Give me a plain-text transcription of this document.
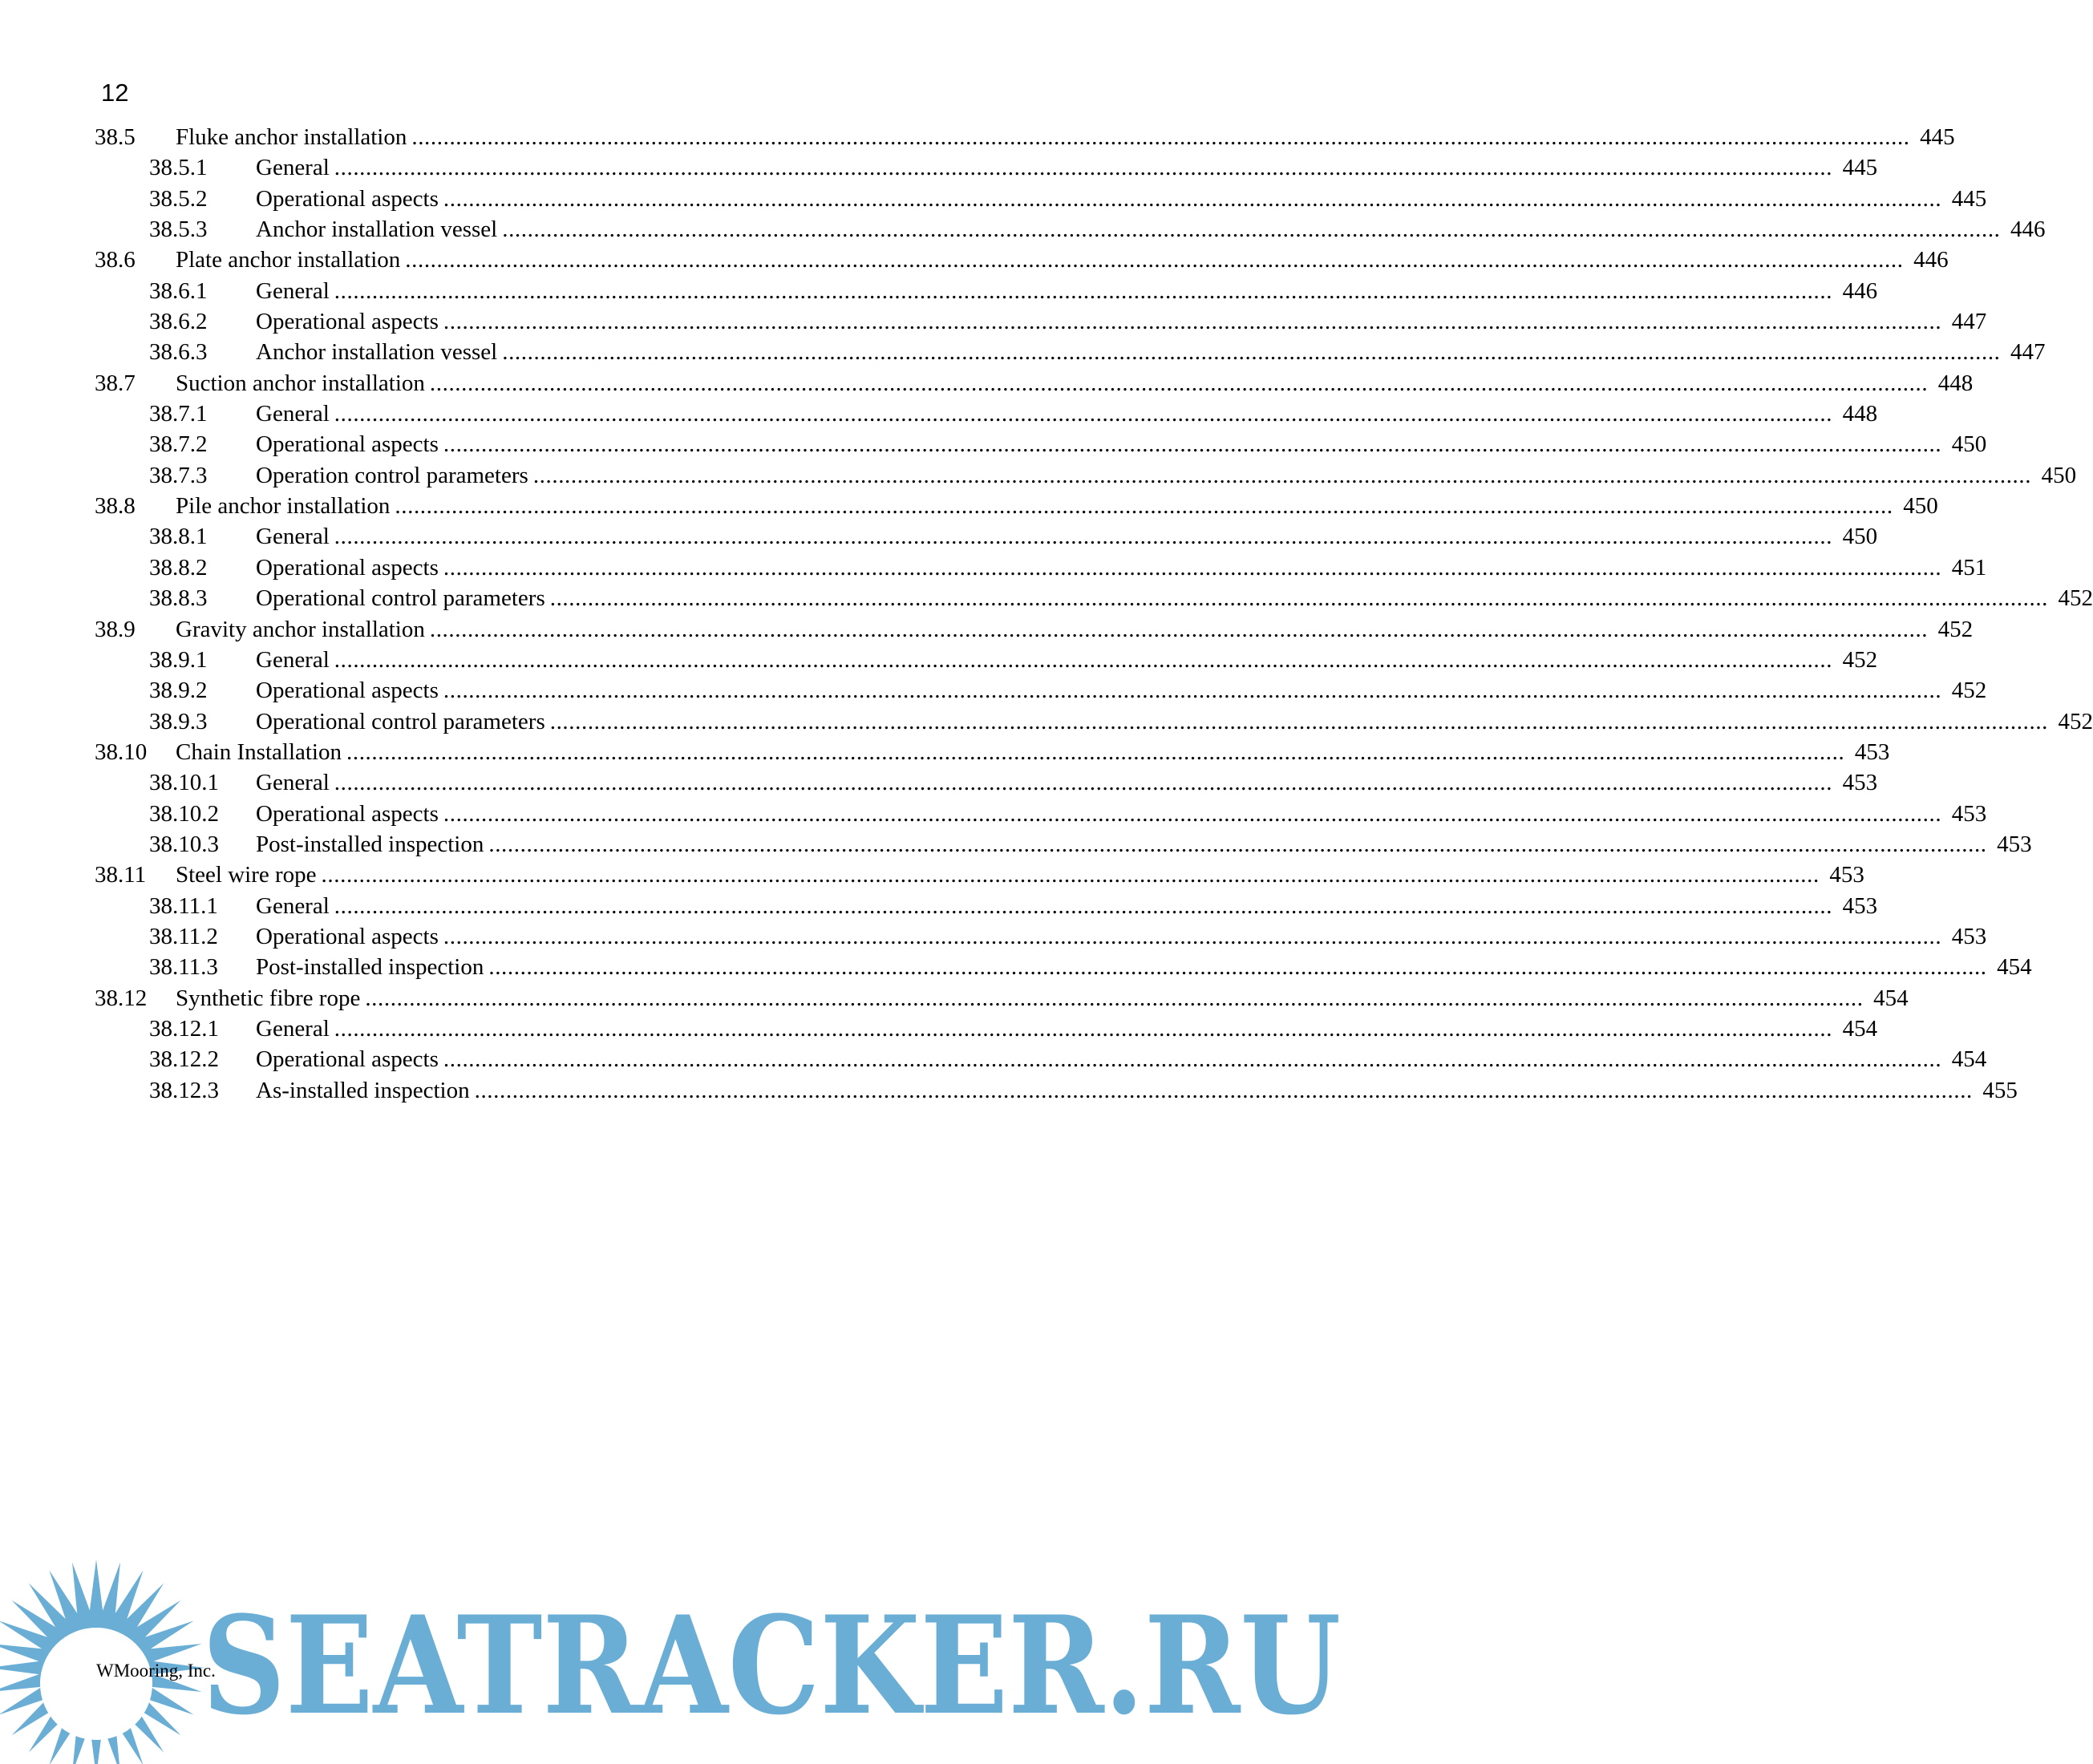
12
38.5	Fluke anchor installation .....	445
38.5.1	General .....	445
38.5.2	Operational aspects .....	445
38.5.3	Anchor installation vessel .....	446
38.6	Plate anchor installation .....	446
38.6.1	General .....	446
38.6.2	Operational aspects .....	447
38.6.3	Anchor installation vessel .....	447
38.7	Suction anchor installation .....	448
38.7.1	General .....	448
38.7.2	Operational aspects .....	450
38.7.3	Operation control parameters .....	450
38.8	Pile anchor installation .....	450
38.8.1	General .....	450
38.8.2	Operational aspects .....	451
38.8.3	Operational control parameters .....	452
38.9	Gravity anchor installation .....	452
38.9.1	General .....	452
38.9.2	Operational aspects .....	452
38.9.3	Operational control parameters .....	452
38.10	Chain Installation .....	453
38.10.1	General .....	453
38.10.2	Operational aspects .....	453
38.10.3	Post-installed inspection .....	453
38.11	Steel wire rope .....	453
38.11.1	General .....	453
38.11.2	Operational aspects .....	453
38.11.3	Post-installed inspection .....	454
38.12	Synthetic fibre rope .....	454
38.12.1	General .....	454
38.12.2	Operational aspects .....	454
38.12.3	As-installed inspection .....	455
SEATRACKER.RU
WMooring, Inc.
